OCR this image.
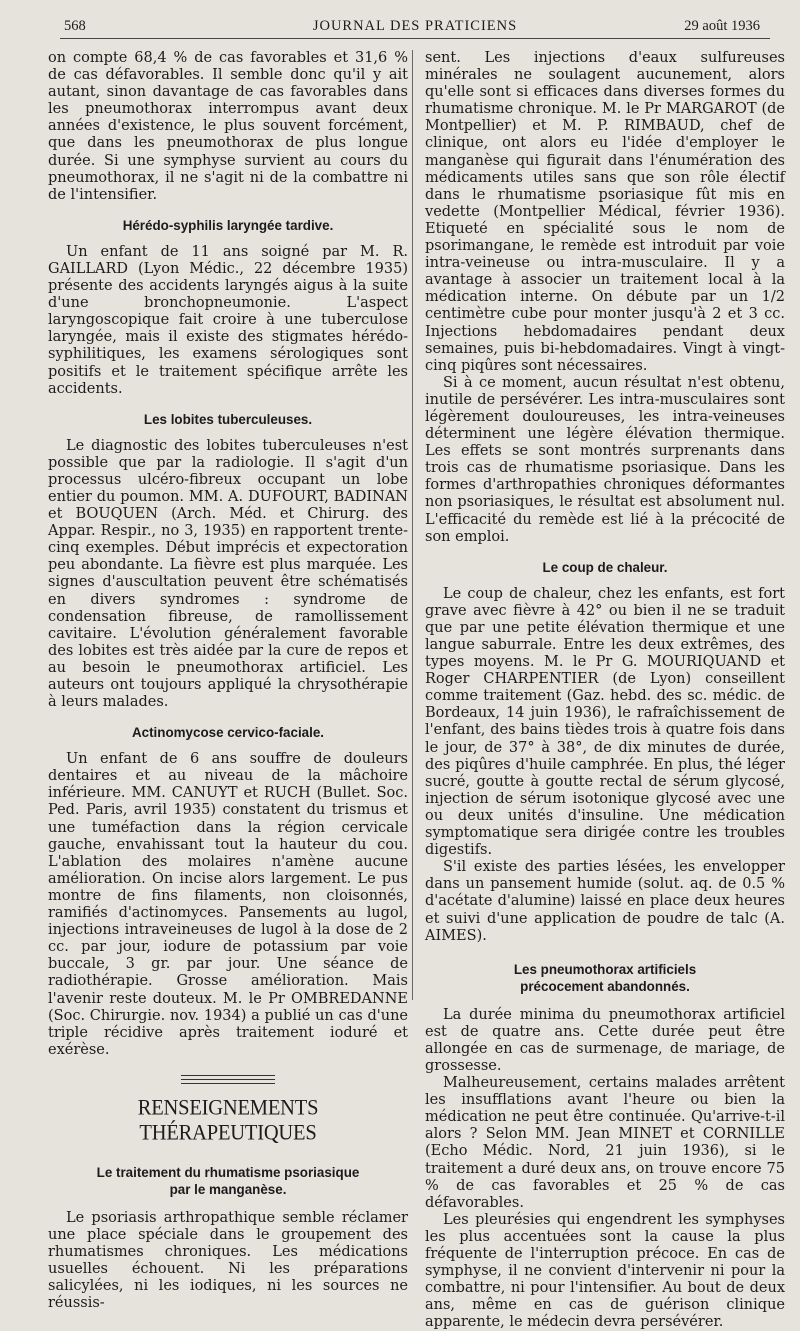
568	JOURNAL DES PRATICIENS	29 août 1936

on compte 68,4 % de cas favorables et 31,6 % de cas défavorables. Il semble donc qu'il y ait autant, sinon davantage de cas favorables dans les pneumothorax interrompus avant deux années d'existence, le plus souvent forcément, que dans les pneumothorax de plus longue durée. Si une symphyse survient au cours du pneumothorax, il ne s'agit ni de la combattre ni de l'intensifier.

Hérédo-syphilis laryngée tardive.

Un enfant de 11 ans soigné par M. R. GAILLARD (Lyon Médic., 22 décembre 1935) présente des accidents laryngés aigus à la suite d'une bronchopneumonie. L'aspect laryngoscopique fait croire à une tuberculose laryngée, mais il existe des stigmates hérédo-syphilitiques, les examens sérologiques sont positifs et le traitement spécifique arrête les accidents.

Les lobites tuberculeuses.

Le diagnostic des lobites tuberculeuses n'est possible que par la radiologie. Il s'agit d'un processus ulcéro-fibreux occupant un lobe entier du poumon. MM. A. DUFOURT, BADINAN et BOUQUEN (Arch. Méd. et Chirurg. des Appar. Respir., no 3, 1935) en rapportent trente-cinq exemples. Début imprécis et expectoration peu abondante. La fièvre est plus marquée. Les signes d'auscultation peuvent être schématisés en divers syndromes : syndrome de condensation fibreuse, de ramollissement cavitaire. L'évolution généralement favorable des lobites est très aidée par la cure de repos et au besoin le pneumothorax artificiel. Les auteurs ont toujours appliqué la chrysothérapie à leurs malades.

Actinomycose cervico-faciale.

Un enfant de 6 ans souffre de douleurs dentaires et au niveau de la mâchoire inférieure. MM. CANUYT et RUCH (Bullet. Soc. Ped. Paris, avril 1935) constatent du trismus et une tuméfaction dans la région cervicale gauche, envahissant tout la hauteur du cou. L'ablation des molaires n'amène aucune amélioration. On incise alors largement. Le pus montre de fins filaments, non cloisonnés, ramifiés d'actinomyces. Pansements au lugol, injections intraveineuses de lugol à la dose de 2 cc. par jour, iodure de potassium par voie buccale, 3 gr. par jour. Une séance de radiothérapie. Grosse amélioration. Mais l'avenir reste douteux. M. le Pr OMBREDANNE (Soc. Chirurgie. nov. 1934) a publié un cas d'une triple récidive après traitement ioduré et exérèse.

RENSEIGNEMENTS THÉRAPEUTIQUES
Le traitement du rhumatisme psoriasique
par le manganèse.

Le psoriasis arthropathique semble réclamer une place spéciale dans le groupement des rhumatismes chroniques. Les médications usuelles échouent. Ni les préparations salicylées, ni les iodiques, ni les sources ne réussis-

sent. Les injections d'eaux sulfureuses minérales ne soulagent aucunement, alors qu'elle sont si efficaces dans diverses formes du rhumatisme chronique. M. le Pr MARGAROT (de Montpellier) et M. P. RIMBAUD, chef de clinique, ont alors eu l'idée d'employer le manganèse qui figurait dans l'énumération des médicaments utiles sans que son rôle électif dans le rhumatisme psoriasique fût mis en vedette (Montpellier Médical, février 1936). Etiqueté en spécialité sous le nom de psorimangane, le remède est introduit par voie intra-veineuse ou intra-musculaire. Il y a avantage à associer un traitement local à la médication interne. On débute par un 1/2 centimètre cube pour monter jusqu'à 2 et 3 cc. Injections hebdomadaires pendant deux semaines, puis bi-hebdomadaires. Vingt à vingt-cinq piqûres sont nécessaires.

Si à ce moment, aucun résultat n'est obtenu, inutile de persévérer. Les intra-musculaires sont légèrement douloureuses, les intra-veineuses déterminent une légère élévation thermique. Les effets se sont montrés surprenants dans trois cas de rhumatisme psoriasique. Dans les formes d'arthropathies chroniques déformantes non psoriasiques, le résultat est absolument nul. L'efficacité du remède est lié à la précocité de son emploi.

Le coup de chaleur.

Le coup de chaleur, chez les enfants, est fort grave avec fièvre à 42° ou bien il ne se traduit que par une petite élévation thermique et une langue saburrale. Entre les deux extrêmes, des types moyens. M. le Pr G. MOURIQUAND et Roger CHARPENTIER (de Lyon) conseillent comme traitement (Gaz. hebd. des sc. médic. de Bordeaux, 14 juin 1936), le rafraîchissement de l'enfant, des bains tièdes trois à quatre fois dans le jour, de 37° à 38°, de dix minutes de durée, des piqûres d'huile camphrée. En plus, thé léger sucré, goutte à goutte rectal de sérum glycosé, injection de sérum isotonique glycosé avec une ou deux unités d'insuline. Une médication symptomatique sera dirigée contre les troubles digestifs.

S'il existe des parties lésées, les envelopper dans un pansement humide (solut. aq. de 0.5 % d'acétate d'alumine) laissé en place deux heures et suivi d'une application de poudre de talc (A. AIMES).

Les pneumothorax artificiels
précocement abandonnés.

La durée minima du pneumothorax artificiel est de quatre ans. Cette durée peut être allongée en cas de surmenage, de mariage, de grossesse.

Malheureusement, certains malades arrêtent les insufflations avant l'heure ou bien la médication ne peut être continuée. Qu'arrive-t-il alors ? Selon MM. Jean MINET et CORNILLE (Echo Médic. Nord, 21 juin 1936), si le traitement a duré deux ans, on trouve encore 75 % de cas favorables et 25 % de cas défavorables.

Les pleurésies qui engendrent les symphyses les plus accentuées sont la cause la plus fréquente de l'interruption précoce. En cas de symphyse, il ne convient d'intervenir ni pour la combattre, ni pour l'intensifier. Au bout de deux ans, même en cas de guérison clinique apparente, le médecin devra persévérer.
